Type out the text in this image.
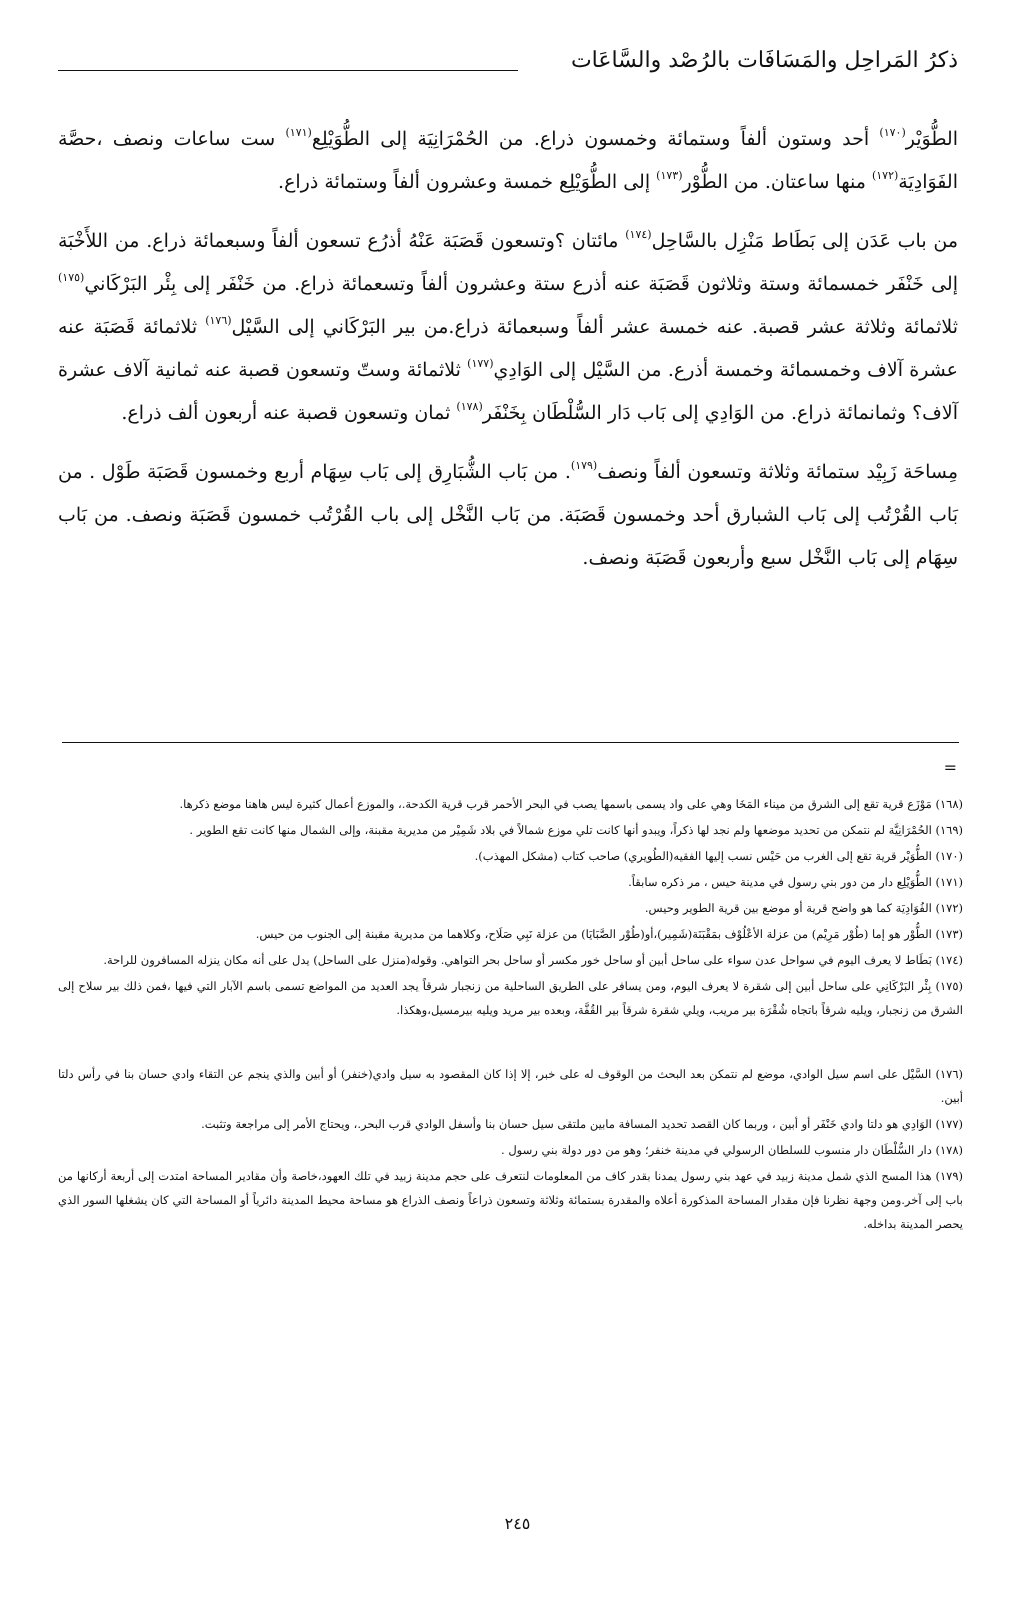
ذكرُ المَراحِل والمَسَافَات بالرُصْد والسَّاعَات

الطُّوَيْر$^{(١٧٠)}$ أحد وستون ألفاً وستمائة وخمسون ذراع. من الحُمْرَانِيَة إلى الطُّوَيْلِع$^{(١٧١)}$ ست ساعات ونصف ،حصَّة الفَوَادِيَة$^{(١٧٢)}$ منها ساعتان. من الطُّوْر$^{(١٧٣)}$ إلى الطُّوَيْلِع خمسة وعشرون ألفاً وستمائة ذراع.

من باب عَدَن إلى بَطَاط مَنْزِل بالسَّاحِل$^{(١٧٤)}$ مائتان ؟وتسعون قَصَبَة عَنْهُ أذرُع تسعون ألفاً وسبعمائة ذراع. من اللأَخْبَة إلى خَنْفَر خمسمائة وستة وثلاثون قَصَبَة عنه أذرع ستة وعشرون ألفاً وتسعمائة ذراع. من خَنْفَر إلى بِئْر البَرْكَاني$^{(١٧٥)}$ ثلاثمائة وثلاثة عشر قصبة. عنه خمسة عشر ألفاً وسبعمائة ذراع.من بير البَرْكَاني إلى السَّيْل$^{(١٧٦)}$ ثلاثمائة قَصَبَة عنه عشرة آلاف وخمسمائة وخمسة أذرع. من السَّيْل إلى الوَادِي$^{(١٧٧)}$ ثلاثمائة وستّ وتسعون قصبة عنه ثمانية آلاف عشرة آلاف؟ وثمانمائة ذراع. من الوَادِي إلى بَاب دَار السُّلْطَان بِخَنْفَر$^{(١٧٨)}$ ثمان وتسعون قصبة عنه أربعون ألف ذراع.

مِساحَة زَبِيْد ستمائة وثلاثة وتسعون ألفاً ونصف$^{(١٧٩)}$. من بَاب الشُّبَارِق إلى بَاب سِهَام أربع وخمسون قَصَبَة طَوْل . من بَاب القُرْتُب إلى بَاب الشبارق أحد وخمسون قَصَبَة. من بَاب النَّخْل إلى باب القُرْتُب خمسون قَصَبَة ونصف. من بَاب سِهَام إلى بَاب النَّخْل سبع وأربعون قَصَبَة ونصف.

=

(١٦٨) مَوْزَع قرية تقع إلى الشرق من ميناء المَخَا وهي على واد يسمى باسمها يصب في البحر الأحمر قرب قرية الكدحة.، والموزع أعمال كثيرة ليس هاهنا موضع ذكرها.

(١٦٩) الحُمْرَانِيَّة لم نتمكن من تحديد موضعها ولم نجد لها ذكراً، ويبدو أنها كانت تلي موزع شمالاً في بلاد شَمِيْر من مديرية مقبنة، وإلى الشمال منها كانت تقع الطوير .

(١٧٠) الطُّوَيْر قرية تقع إلى الغرب من حَيْس نسب إليها الفقيه(الطُويري) صاحب كتاب (مشكل المهذب).

(١٧١) الطُّوَيْلِع دار من دور بني رسول في مدينة حيس ، مر ذكره سابقاً.

(١٧٢) الفُوَادِيَة كما هو واضح قرية أو موضع بين قرية الطوير وحيس.

(١٧٣) الطُّوْر هو إما (طُوْر مَرِيْم) من عزلة الأعْلُوْف بمَقْبَنَة(شَمِير)،أو(طُوْر الصَّبَايَا) من عزلة نَبِي صَلَاح، وكلاهما من مديرية مقبنة إلى الجنوب من حيس.

(١٧٤) بَطَاط لا يعرف اليوم في سواحل عدن سواء على ساحل أبين أو ساحل خور مكسر أو ساحل بحر التواهي. وقوله(منزل على الساحل) يدل على أنه مكان ينزله المسافرون للراحة.

(١٧٥) بِئْر البَرْكَانِي على ساحل أبين إلى شقرة لا يعرف اليوم، ومن يسافر على الطريق الساحلية من زنجبار شرقاً يجد العديد من المواضع تسمى باسم الآبار التي فيها ،فمن ذلك بير سلاح إلى الشرق من زنجبار، ويليه شرقاً باتجاه شُقْرَة بير مريب، ويلي شقرة شرقاً بير القُفَّة، وبعده بير مريد ويليه بيرمسيل،وهكذا.

(١٧٦) السَّيْل على اسم سيل الوادي، موضع لم نتمكن بعد البحث من الوقوف له على خبر، إلا إذا كان المقصود به سيل وادي(خنفر) أو أبين والذي ينجم عن التقاء وادي حسان بنا في رأس دلتا أبين.

(١٧٧) الوَادِي هو دلتا وادي خَنْفَر أو أبين ، وربما كان القصد تحديد المسافة مابين ملتقى سيل حسان بنا وأسفل الوادي قرب البحر.، ويحتاج الأمر إلى مراجعة وتثبت.

(١٧٨) دار السُّلْطَان دار منسوب للسلطان الرسولي في مدينة خنفر؛ وهو من دور دولة بني رسول .

(١٧٩) هذا المسح الذي شمل مدينة زبيد في عهد بني رسول يمدنا بقدر كاف من المعلومات لنتعرف على حجم مدينة زبيد في تلك العهود،خاصة وأن مقادير المساحة امتدت إلى أربعة أركانها من باب إلى آخر.ومن وجهة نظرنا فإن مقدار المساحة المذكورة أعلاه والمقدرة بستمائة وثلاثة وتسعون ذراعاً ونصف الذراع هو مساحة محيط المدينة دائرياً أو المساحة التي كان يشغلها السور الذي يحصر المدينة بداخله.

٢٤٥
